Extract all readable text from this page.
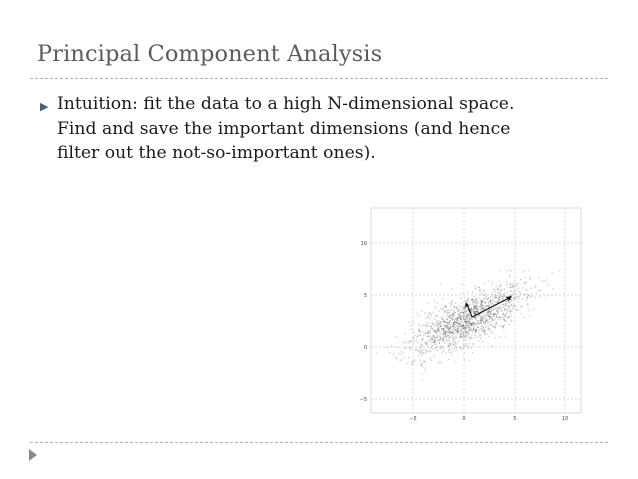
Principal Component Analysis
▶ Intuition: fit the data to a high N-dimensional space.
Find and save the important dimensions (and hence
filter out the not-so-important ones).
10
5
0
−5
−5	0	5	10
